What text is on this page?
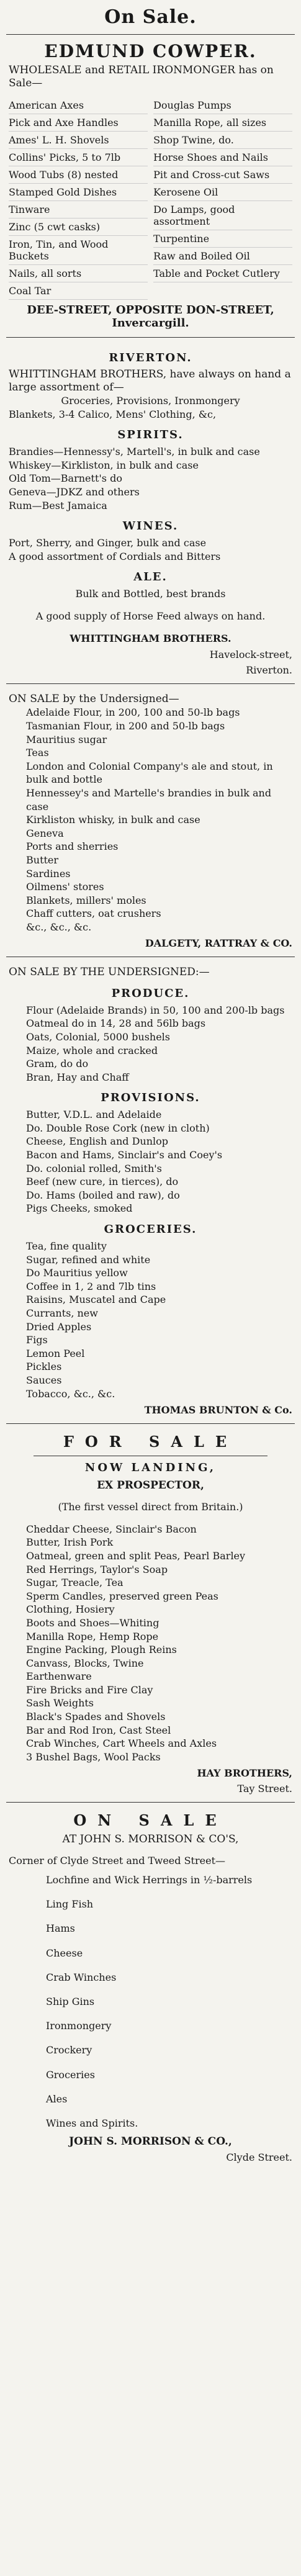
On Sale.
EDMUND COWPER.
WHOLESALE and RETAIL IRONMONGER has on Sale—
American Axes
Pick and Axe Handles
Ames' L. H. Shovels
Collins' Picks, 5 to 7lb
Wood Tubs (8) nested
Stamped Gold Dishes
Tinware
Zinc (5 cwt casks)
Iron, Tin, and Wood Buckets
Nails, all sorts
Coal Tar
Douglas Pumps
Manilla Rope, all sizes
Shop Twine, do.
Horse Shoes and Nails
Pit and Cross-cut Saws
Kerosene Oil
Do Lamps, good assortment
Turpentine
Raw and Boiled Oil
Table and Pocket Cutlery
DEE-STREET, OPPOSITE DON-STREET, Invercargill.
RIVERTON.
WHITTINGHAM BROTHERS, have always on hand a large assortment of—
Groceries, Provisions, Ironmongery
Blankets, 3-4 Calico, Mens' Clothing, &c,
SPIRITS.
Brandies—Hennessy's, Martell's, in bulk and case
Whiskey—Kirkliston, in bulk and case
Old Tom—Barnett's do
Geneva—JDKZ and others
Rum—Best Jamaica
WINES.
Port, Sherry, and Ginger, bulk and case
A good assortment of Cordials and Bitters
ALE.
Bulk and Bottled, best brands
A good supply of Horse Feed always on hand.
WHITTINGHAM BROTHERS.
Havelock-street,
Riverton.
ON SALE by the Undersigned—
Adelaide Flour, in 200, 100 and 50-lb bags
Tasmanian Flour, in 200 and 50-lb bags
Mauritius sugar
Teas
London and Colonial Company's ale and stout, in bulk and bottle
Hennessey's and Martelle's brandies in bulk and case
Kirkliston whisky, in bulk and case
Geneva
Ports and sherries
Butter
Sardines
Oilmens' stores
Blankets, millers' moles
Chaff cutters, oat crushers
&c., &c., &c.
DALGETY, RATTRAY & CO.
ON SALE BY THE UNDERSIGNED:—
PRODUCE.
Flour (Adelaide Brands) in 50, 100 and 200-lb bags
Oatmeal do in 14, 28 and 56lb bags
Oats, Colonial, 5000 bushels
Maize, whole and cracked
Gram, do do
Bran, Hay and Chaff
PROVISIONS.
Butter, V.D.L. and Adelaide
Do. Double Rose Cork (new in cloth)
Cheese, English and Dunlop
Bacon and Hams, Sinclair's and Coey's
Do. colonial rolled, Smith's
Beef (new cure, in tierces), do
Do. Hams (boiled and raw), do
Pigs Cheeks, smoked
GROCERIES.
Tea, fine quality
Sugar, refined and white
Do Mauritius yellow
Coffee in 1, 2 and 7lb tins
Raisins, Muscatel and Cape
Currants, new
Dried Apples
Figs
Lemon Peel
Pickles
Sauces
Tobacco, &c., &c.
THOMAS BRUNTON & Co.
FOR SALE
NOW LANDING,
EX PROSPECTOR,
(The first vessel direct from Britain.)
Cheddar Cheese, Sinclair's Bacon
Butter, Irish Pork
Oatmeal, green and split Peas, Pearl Barley
Red Herrings, Taylor's Soap
Sugar, Treacle, Tea
Sperm Candles, preserved green Peas
Clothing, Hosiery
Boots and Shoes—Whiting
Manilla Rope, Hemp Rope
Engine Packing, Plough Reins
Canvass, Blocks, Twine
Earthenware
Fire Bricks and Fire Clay
Sash Weights
Black's Spades and Shovels
Bar and Rod Iron, Cast Steel
Crab Winches, Cart Wheels and Axles
3 Bushel Bags, Wool Packs
HAY BROTHERS,
Tay Street.
ON SALE
AT JOHN S. MORRISON & CO'S,
Corner of Clyde Street and Tweed Street—
Lochfine and Wick Herrings in ½-barrels
Ling Fish
Hams
Cheese
Crab Winches
Ship Gins
Ironmongery
Crockery
Groceries
Ales
Wines and Spirits.
JOHN S. MORRISON & CO.,
Clyde Street.
